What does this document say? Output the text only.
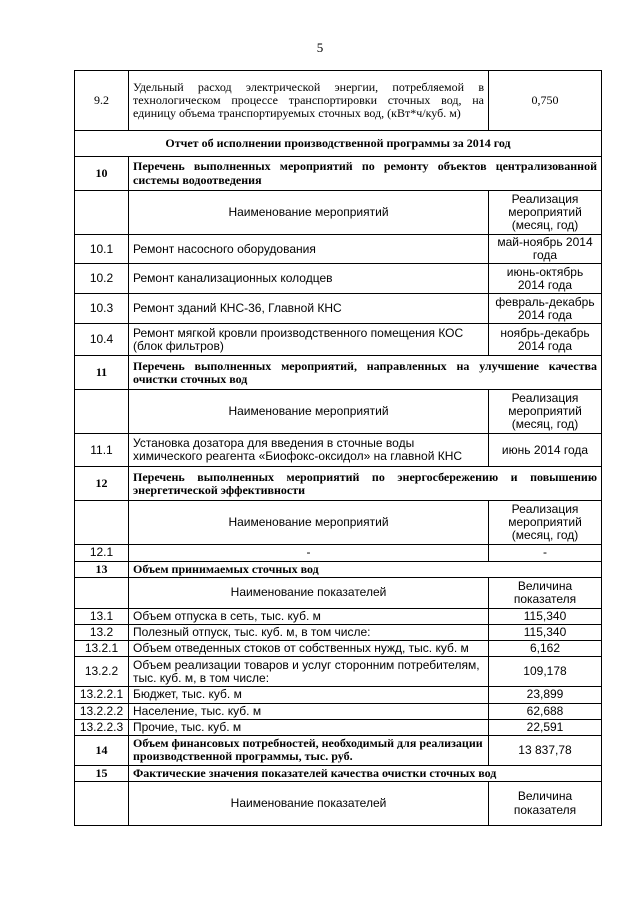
5
9.2	Удельный расход электрической энергии, потребляемой в технологическом процессе транспортировки сточных вод, на единицу объема транспортируемых сточных вод, (кВт*ч/куб. м)	0,750
Отчет об исполнении производственной программы за 2014 год		
10	Перечень выполненных мероприятий по ремонту объектов централизованной системы водоотведения	
	Наименование мероприятий	Реализация мероприятий (месяц, год)
10.1	Ремонт насосного оборудования	май-ноябрь 2014 года
10.2	Ремонт канализационных колодцев	июнь-октябрь 2014 года
10.3	Ремонт зданий КНС-36, Главной КНС	февраль-декабрь 2014 года
10.4	Ремонт мягкой кровли производственного помещения КОС (блок фильтров)	ноябрь-декабрь 2014 года
11	Перечень выполненных мероприятий, направленных на улучшение качества очистки сточных вод	
	Наименование мероприятий	Реализация мероприятий (месяц, год)
11.1	Установка дозатора для введения в сточные воды химического реагента «Биофокс-оксидол» на главной КНС	июнь 2014 года
12	Перечень выполненных мероприятий по энергосбережению и повышению энергетической эффективности	
	Наименование мероприятий	Реализация мероприятий (месяц, год)
12.1	-	-
13	Объем принимаемых сточных вод	
	Наименование показателей	Величина показателя
13.1	Объем отпуска в сеть, тыс. куб. м	115,340
13.2	Полезный отпуск, тыс. куб. м, в том числе:	115,340
13.2.1	Объем отведенных стоков от собственных нужд, тыс. куб. м	6,162
13.2.2	Объем реализации товаров и услуг сторонним потребителям, тыс. куб. м, в том числе:	109,178
13.2.2.1	Бюджет, тыс. куб. м	23,899
13.2.2.2	Население, тыс. куб. м	62,688
13.2.2.3	Прочие, тыс. куб. м	22,591
14	Объем финансовых потребностей, необходимый для реализации производственной программы, тыс. руб.	13 837,78
15	Фактические значения показателей качества очистки сточных вод	
	Наименование показателей	Величина показателя
